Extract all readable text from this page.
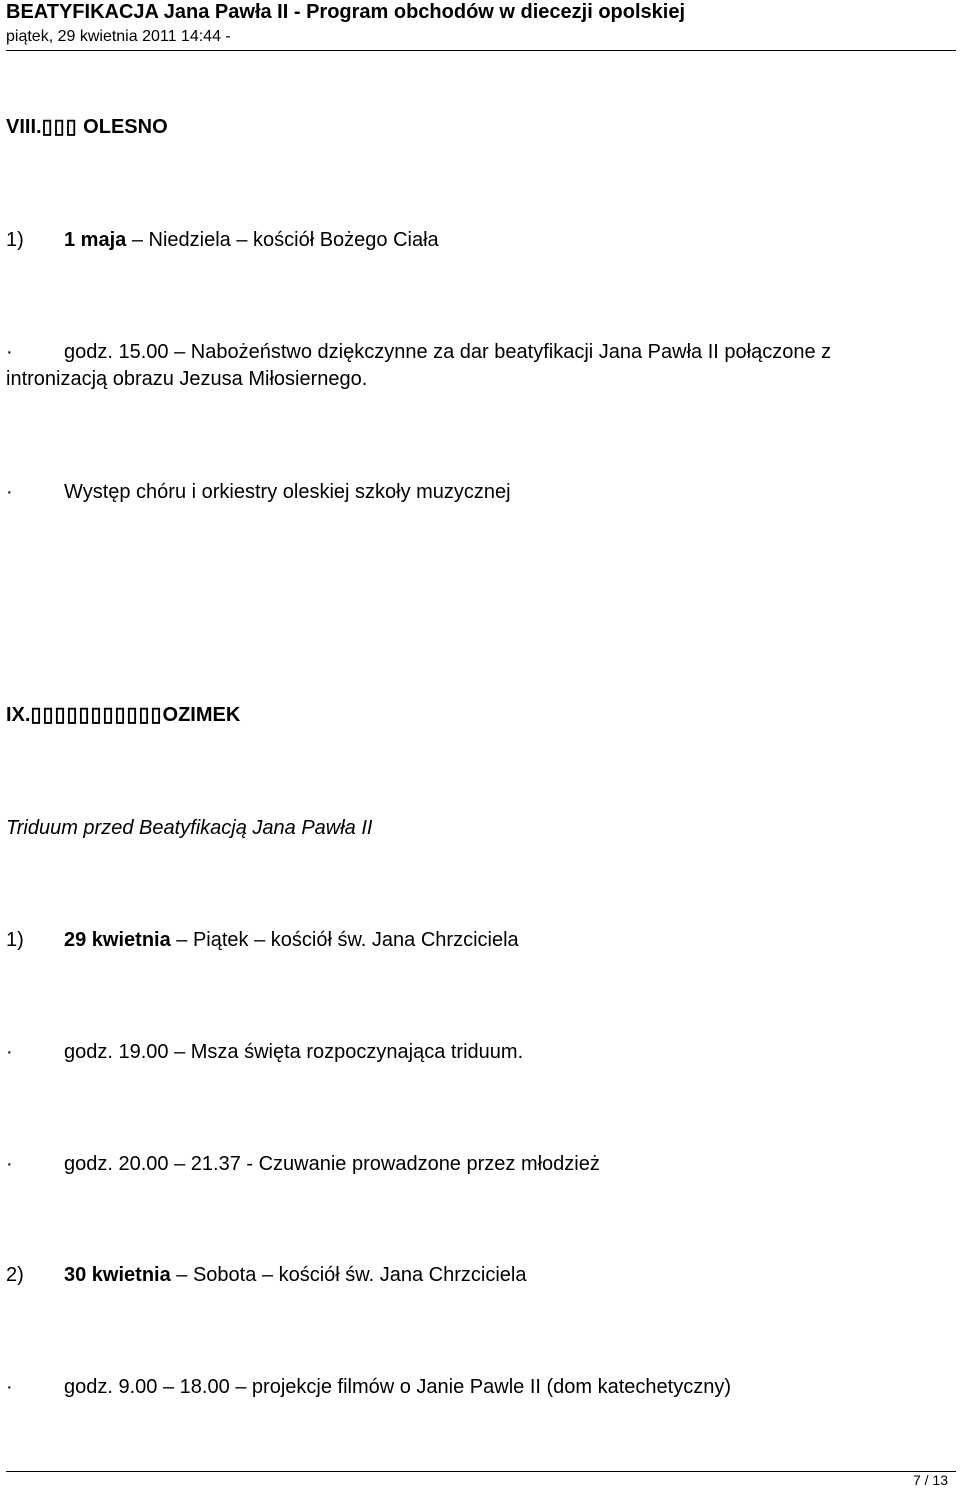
BEATYFIKACJA Jana Pawła II - Program obchodów w diecezji opolskiej
piątek, 29 kwietnia 2011 14:44 -
VIII.▯▯▯ OLESNO
1) 1 maja – Niedziela – kościół Bożego Ciała
·	godz. 15.00 – Nabożeństwo dziękczynne za dar beatyfikacji Jana Pawła II połączone z
intronizacją obrazu Jezusa Miłosiernego.
·	Występ chóru i orkiestry oleskiej szkoły muzycznej
IX.▯▯▯▯▯▯▯▯▯▯▯OZIMEK
Triduum przed Beatyfikacją Jana Pawła II
1) 29 kwietnia – Piątek – kościół św. Jana Chrzciciela
·	godz. 19.00 – Msza święta rozpoczynająca triduum.
·	godz. 20.00 – 21.37 - Czuwanie prowadzone przez młodzież
2) 30 kwietnia – Sobota – kościół św. Jana Chrzciciela
·	godz. 9.00 – 18.00 – projekcje filmów o Janie Pawle II (dom katechetyczny)
7 / 13
